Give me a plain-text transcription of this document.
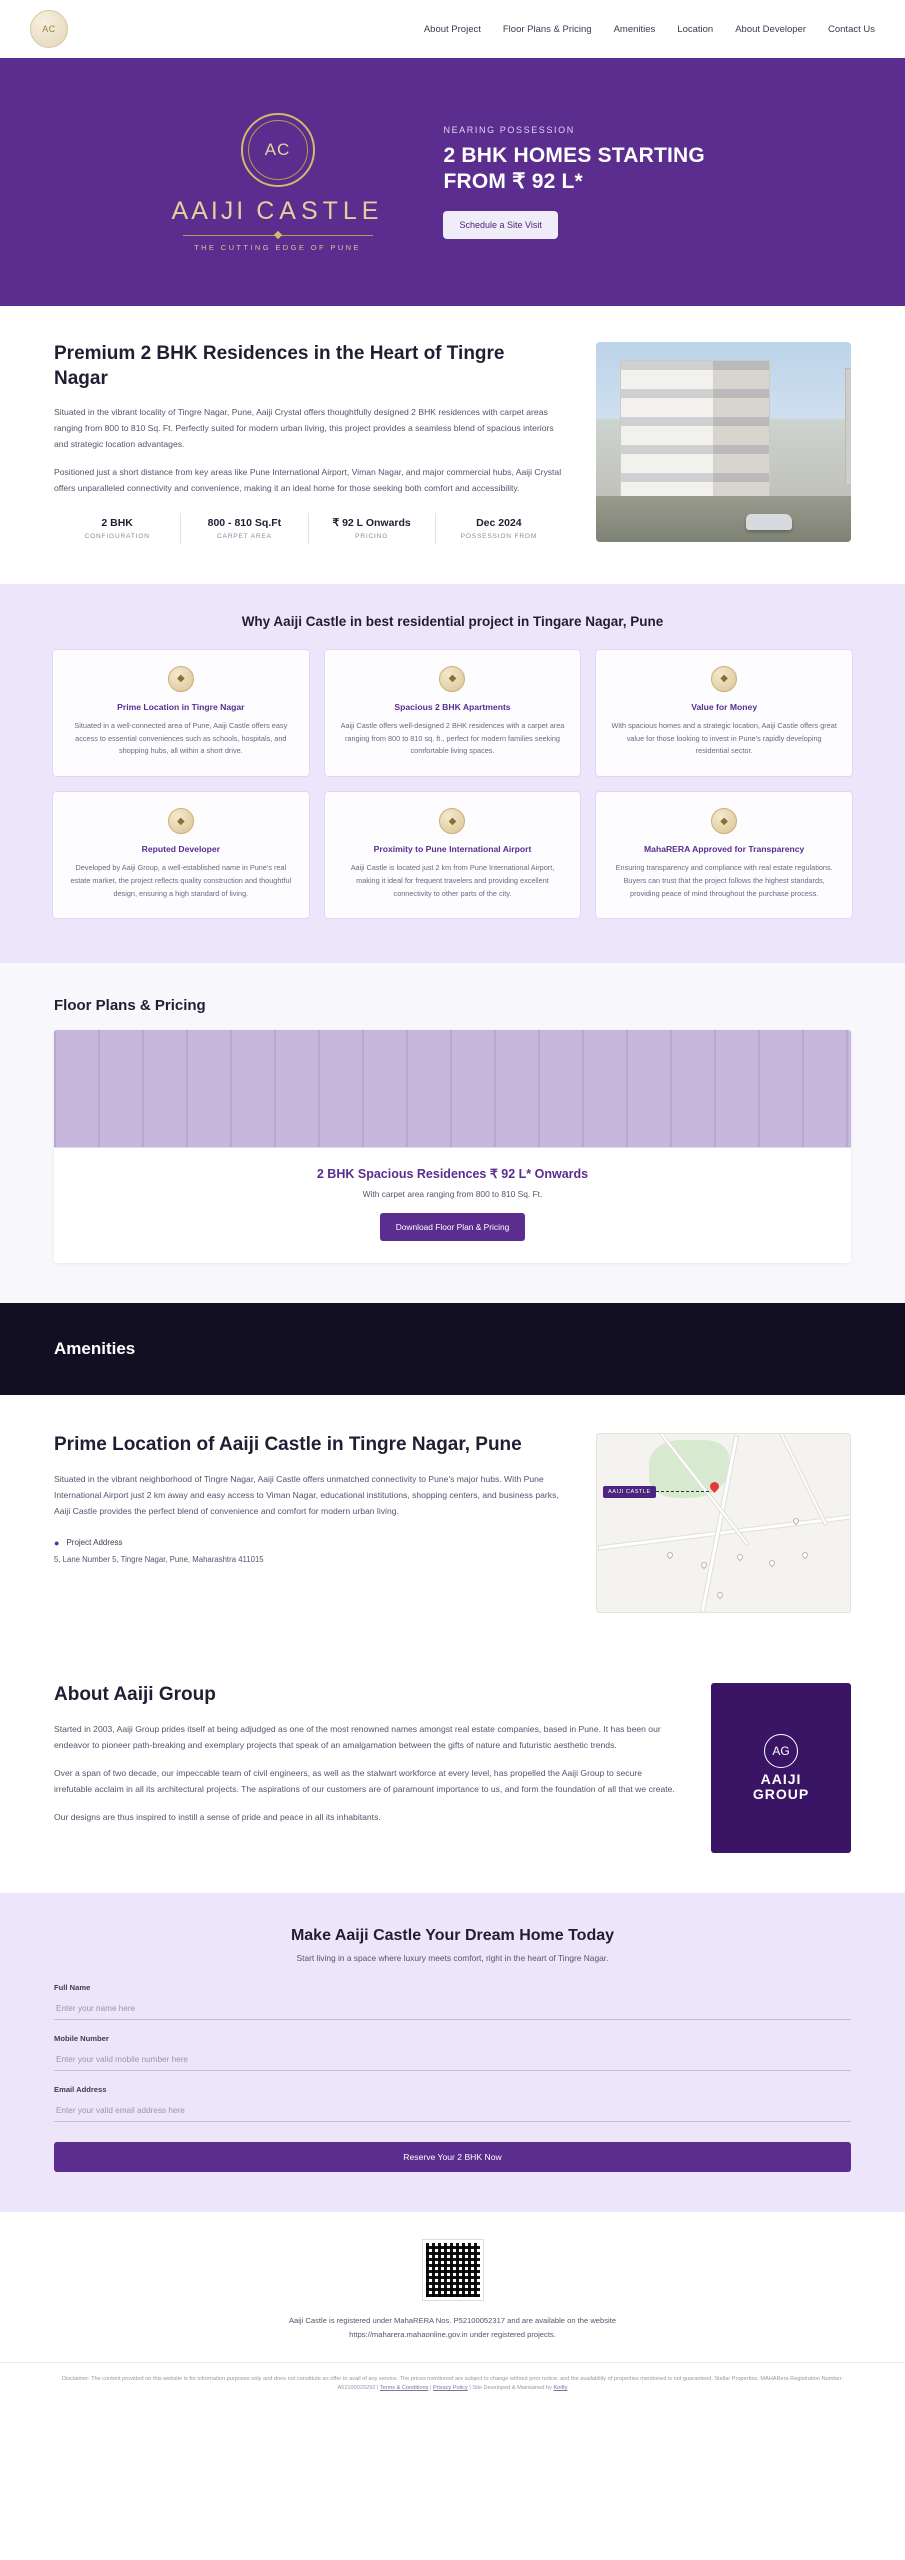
AC	About Project Floor Plans & Pricing Amenities Location About Developer Contact Us
AC
AAIJI CASTLE
THE CUTTING EDGE OF PUNE
NEARING POSSESSION
2 BHK HOMES STARTING FROM ₹ 92 L*
Schedule a Site Visit
Premium 2 BHK Residences in the Heart of Tingre Nagar

Situated in the vibrant locality of Tingre Nagar, Pune, Aaiji Crystal offers thoughtfully designed 2 BHK residences with carpet areas ranging from 800 to 810 Sq. Ft. Perfectly suited for modern urban living, this project provides a seamless blend of spacious interiors and strategic location advantages.

Positioned just a short distance from key areas like Pune International Airport, Viman Nagar, and major commercial hubs, Aaiji Crystal offers unparalleled connectivity and convenience, making it an ideal home for those seeking both comfort and accessibility.

2 BHK
CONFIGURATION
800 - 810 Sq.Ft
CARPET AREA
₹ 92 L Onwards
PRICING
Dec 2024
POSSESSION FROM
Why Aaiji Castle in best residential project in Tingare Nagar, Pune
◆
Prime Location in Tingre Nagar
Situated in a well-connected area of Pune, Aaiji Castle offers easy access to essential conveniences such as schools, hospitals, and shopping hubs, all within a short drive.
◆
Spacious 2 BHK Apartments
Aaiji Castle offers well-designed 2 BHK residences with a carpet area ranging from 800 to 810 sq. ft., perfect for modern families seeking comfortable living spaces.
◆
Value for Money
With spacious homes and a strategic location, Aaiji Castle offers great value for those looking to invest in Pune's rapidly developing residential sector.
◆
Reputed Developer
Developed by Aaiji Group, a well-established name in Pune's real estate market, the project reflects quality construction and thoughtful design, ensuring a high standard of living.
◆
Proximity to Pune International Airport
Aaiji Castle is located just 2 km from Pune International Airport, making it ideal for frequent travelers and providing excellent connectivity to other parts of the city.
◆
MahaRERA Approved for Transparency
Ensuring transparency and compliance with real estate regulations. Buyers can trust that the project follows the highest standards, providing peace of mind throughout the purchase process.
Floor Plans & Pricing
2 BHK Spacious Residences ₹ 92 L* Onwards
With carpet area ranging from 800 to 810 Sq. Ft.
Download Floor Plan & Pricing
Amenities
Prime Location of Aaiji Castle in Tingre Nagar, Pune

Situated in the vibrant neighborhood of Tingre Nagar, Aaiji Castle offers unmatched connectivity to Pune's major hubs. With Pune International Airport just 2 km away and easy access to Viman Nagar, educational institutions, shopping centers, and business parks, Aaiji Castle provides the perfect blend of convenience and comfort for modern urban living.

● Project Address
5, Lane Number 5, Tingre Nagar, Pune, Maharashtra 411015
AAIJI CASTLE
About Aaiji Group

Started in 2003, Aaiji Group prides itself at being adjudged as one of the most renowned names amongst real estate companies, based in Pune. It has been our endeavor to pioneer path-breaking and exemplary projects that speak of an amalgamation between the gifts of nature and futuristic aesthetic trends.

Over a span of two decade, our impeccable team of civil engineers, as well as the stalwart workforce at every level, has propelled the Aaiji Group to secure irrefutable acclaim in all its architectural projects. The aspirations of our customers are of paramount importance to us, and form the foundation of all that we create.

Our designs are thus inspired to instill a sense of pride and peace in all its inhabitants.

AG
AAIJI
GROUP
Make Aaiji Castle Your Dream Home Today
Start living in a space where luxury meets comfort, right in the heart of Tingre Nagar.
Full Name
Enter your name here
Mobile Number
Enter your valid mobile number here
Email Address
Enter your valid email address here
Reserve Your 2 BHK Now

Aaiji Castle is registered under MahaRERA Nos. P52100052317 and are available on the website

https://maharera.mahaonline.gov.in under registered projects.

Disclaimer: The content provided on this website is for information purposes only and does not constitute an offer to avail of any service. The prices mentioned are subject to change without prior notice, and the availability of properties mentioned is not guaranteed. Stellar Properties. MAHARera Registration Number: A52100029292 | Terms & Conditions | Privacy Policy | Site Developed & Maintained by Kinfty
